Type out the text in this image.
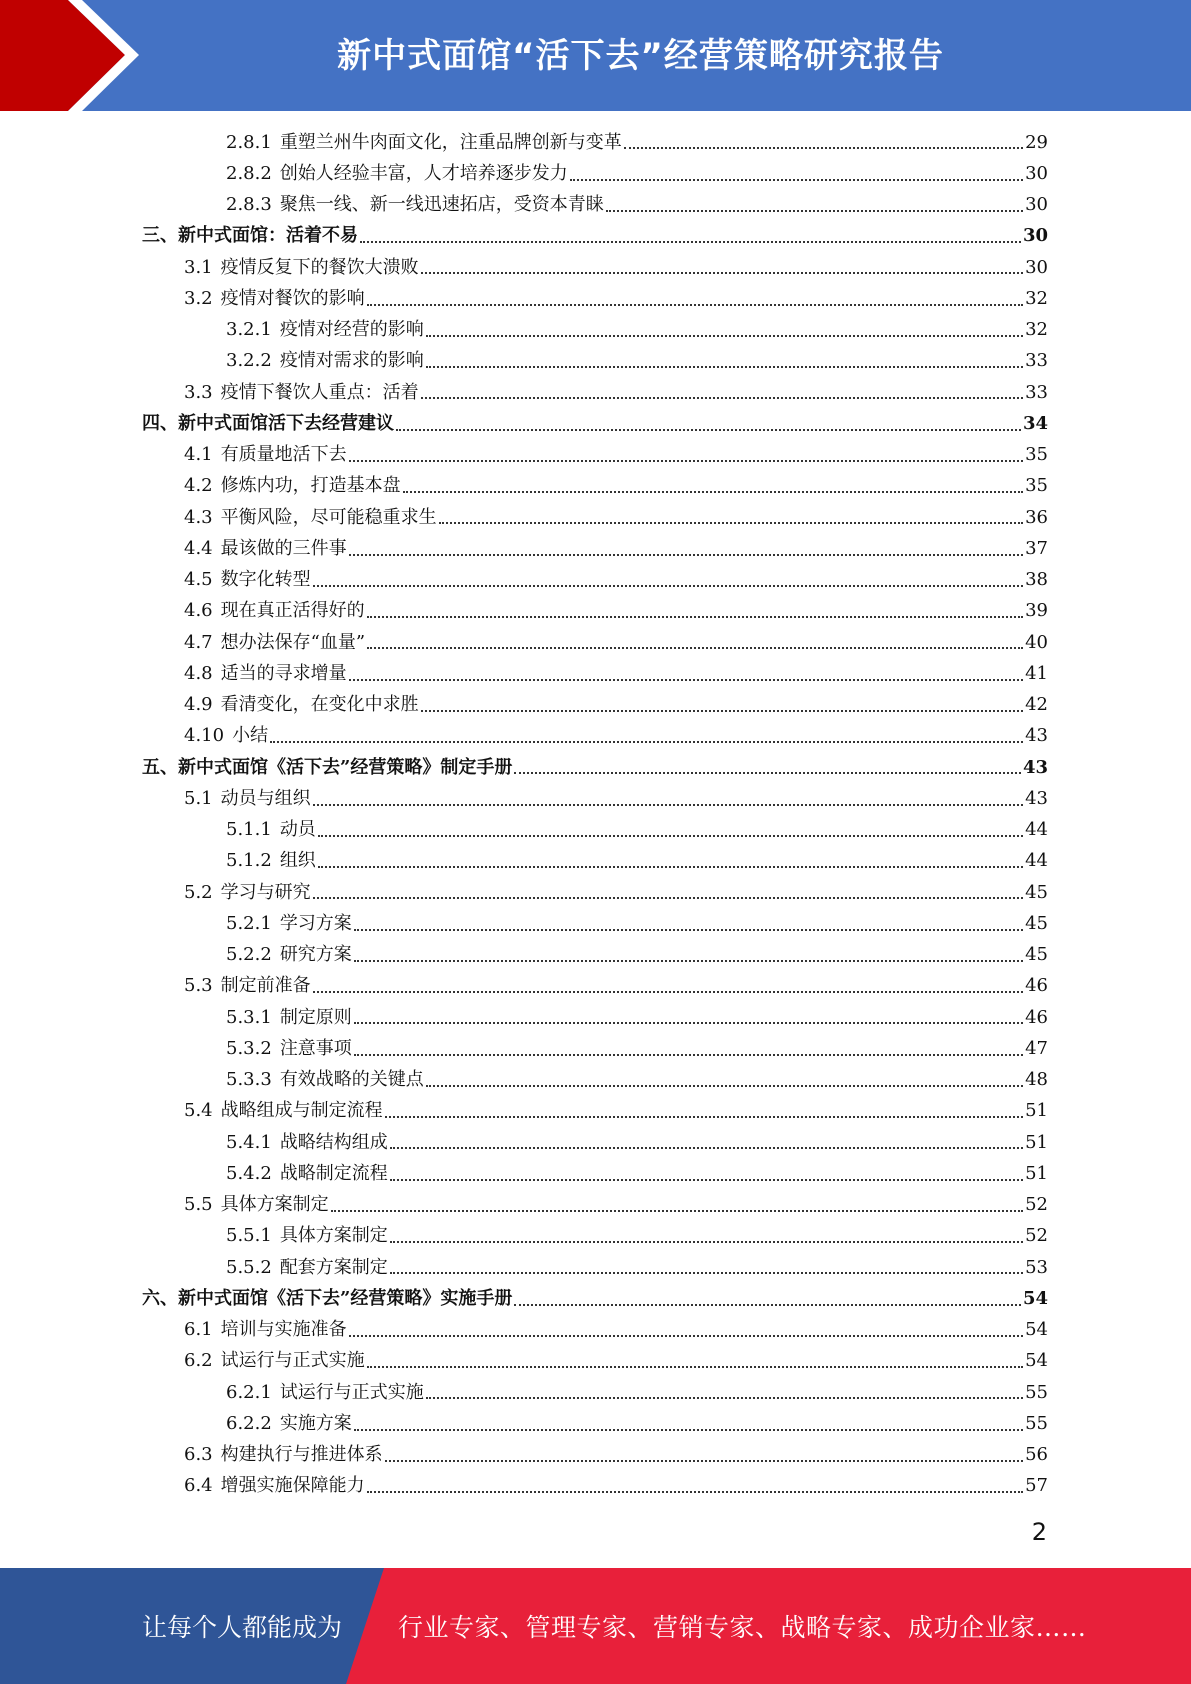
新中式面馆“活下去”经营策略研究报告
2.8.1 重塑兰州牛肉面文化，注重品牌创新与变革	29
2.8.2 创始人经验丰富，人才培养逐步发力	30
2.8.3 聚焦一线、新一线迅速拓店，受资本青睐	30
三、新中式面馆：活着不易	30
3.1 疫情反复下的餐饮大溃败	30
3.2 疫情对餐饮的影响	32
3.2.1 疫情对经营的影响	32
3.2.2 疫情对需求的影响	33
3.3 疫情下餐饮人重点：活着	33
四、新中式面馆活下去经营建议	34
4.1 有质量地活下去	35
4.2 修炼内功，打造基本盘	35
4.3 平衡风险，尽可能稳重求生	36
4.4 最该做的三件事	37
4.5 数字化转型	38
4.6 现在真正活得好的	39
4.7 想办法保存“血量”	40
4.8 适当的寻求增量	41
4.9 看清变化，在变化中求胜	42
4.10 小结	43
五、新中式面馆《活下去”经营策略》制定手册	43
5.1 动员与组织	43
5.1.1 动员	44
5.1.2 组织	44
5.2 学习与研究	45
5.2.1 学习方案	45
5.2.2 研究方案	45
5.3 制定前准备	46
5.3.1 制定原则	46
5.3.2 注意事项	47
5.3.3 有效战略的关键点	48
5.4 战略组成与制定流程	51
5.4.1 战略结构组成	51
5.4.2 战略制定流程	51
5.5 具体方案制定	52
5.5.1 具体方案制定	52
5.5.2 配套方案制定	53
六、新中式面馆《活下去”经营策略》实施手册	54
6.1 培训与实施准备	54
6.2 试运行与正式实施	54
6.2.1 试运行与正式实施	55
6.2.2 实施方案	55
6.3 构建执行与推进体系	56
6.4 增强实施保障能力	57
2
让每个人都能成为 行业专家、管理专家、营销专家、战略专家、成功企业家……
